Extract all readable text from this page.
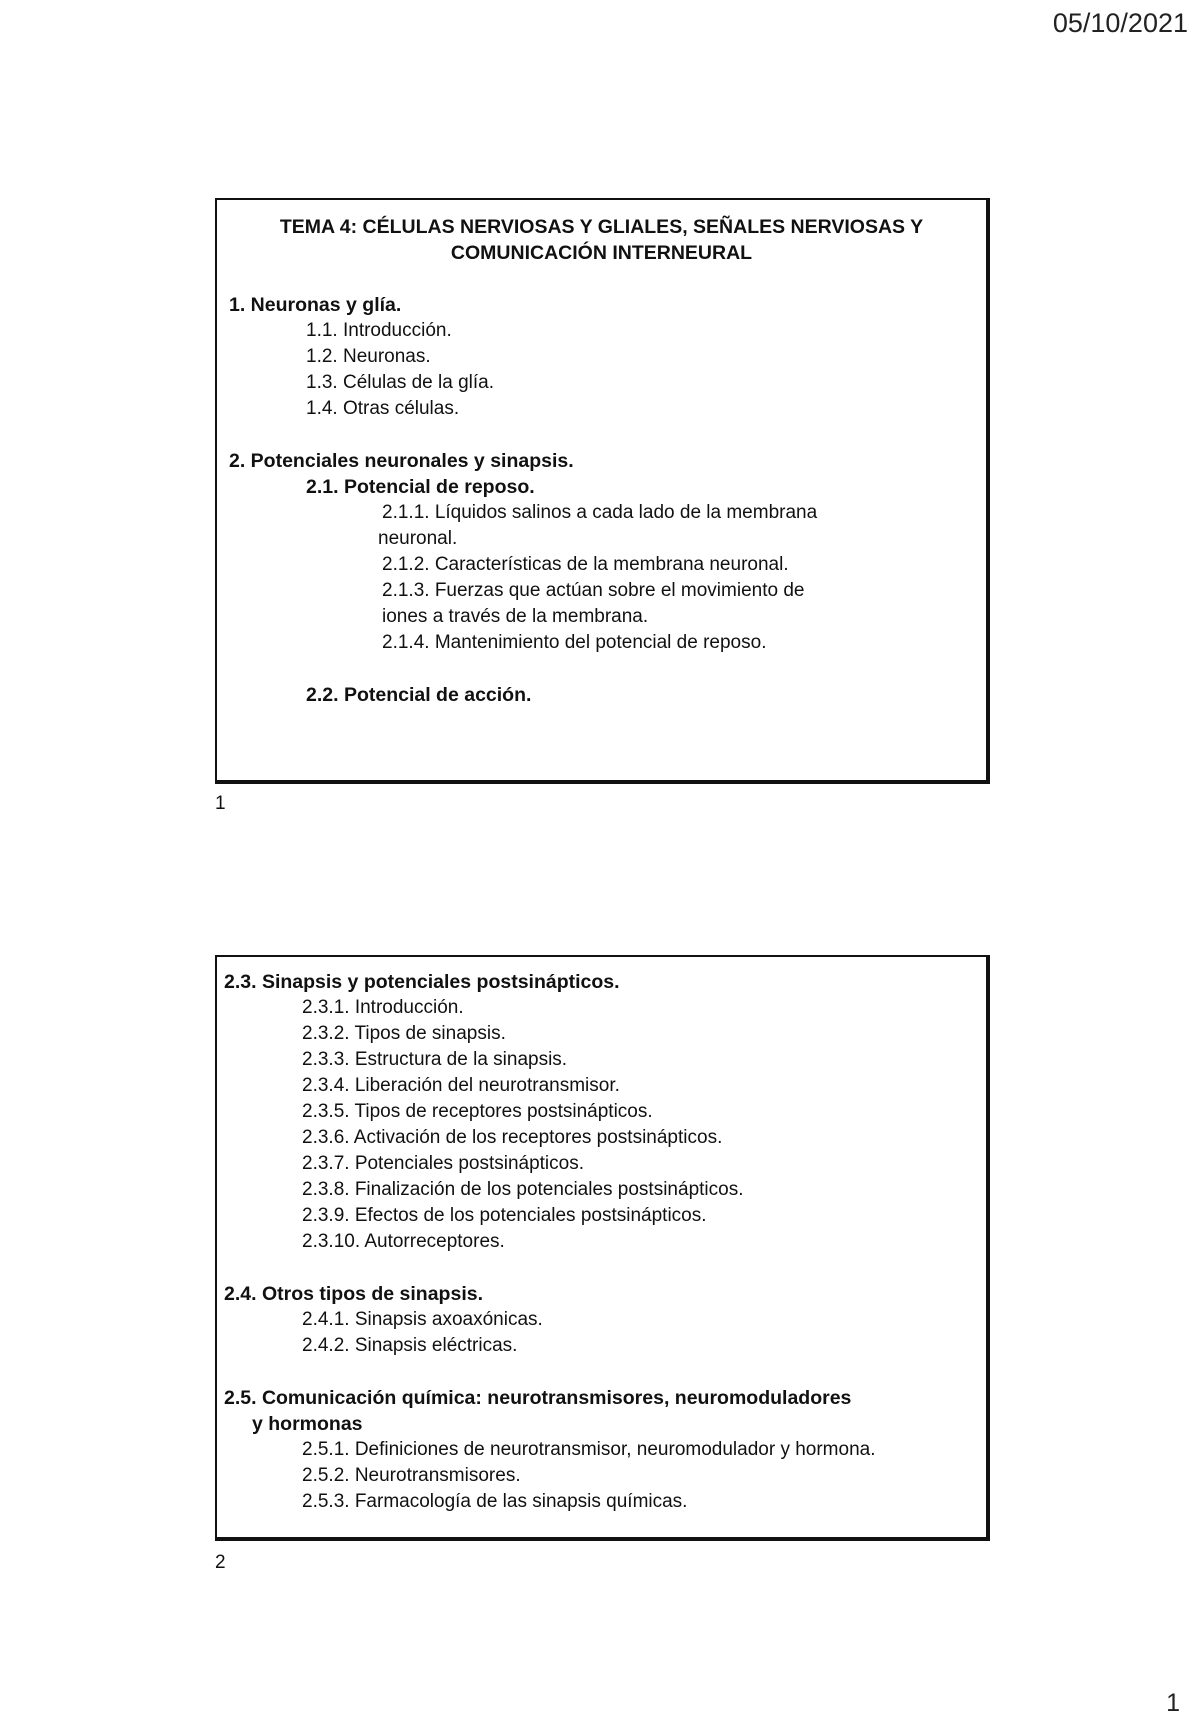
05/10/2021
TEMA 4: CÉLULAS NERVIOSAS Y GLIALES, SEÑALES NERVIOSAS Y
COMUNICACIÓN INTERNEURAL
1. Neuronas y glía.
1.1. Introducción.
1.2. Neuronas.
1.3. Células de la glía.
1.4. Otras células.
2. Potenciales neuronales y sinapsis.
2.1. Potencial de reposo.
2.1.1. Líquidos salinos a cada lado de la membrana
neuronal.
2.1.2. Características de la membrana neuronal.
2.1.3. Fuerzas que actúan sobre el movimiento de
iones a través de la membrana.
2.1.4. Mantenimiento del potencial de reposo.
2.2. Potencial de acción.
1
2.3. Sinapsis y potenciales postsinápticos.
2.3.1. Introducción.
2.3.2. Tipos de sinapsis.
2.3.3. Estructura de la sinapsis.
2.3.4. Liberación del neurotransmisor.
2.3.5. Tipos de receptores postsinápticos.
2.3.6. Activación de los receptores postsinápticos.
2.3.7. Potenciales postsinápticos.
2.3.8. Finalización de los potenciales postsinápticos.
2.3.9. Efectos de los potenciales postsinápticos.
2.3.10. Autorreceptores.
2.4. Otros tipos de sinapsis.
2.4.1. Sinapsis axoaxónicas.
2.4.2. Sinapsis eléctricas.
2.5. Comunicación química: neurotransmisores, neuromoduladores
y hormonas
2.5.1. Definiciones de neurotransmisor, neuromodulador y hormona.
2.5.2. Neurotransmisores.
2.5.3. Farmacología de las sinapsis químicas.
2
1
